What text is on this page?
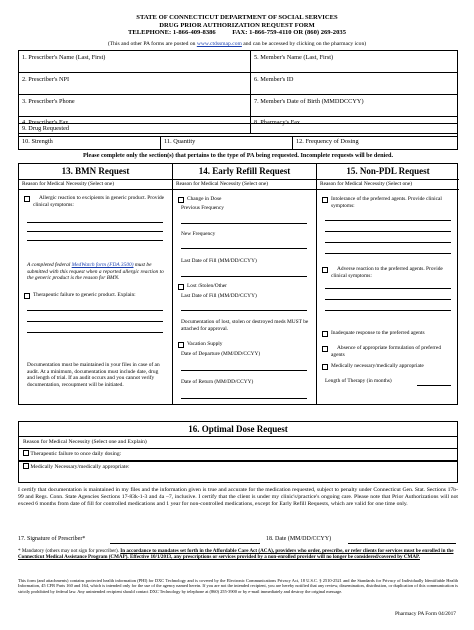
STATE OF CONNECTICUT DEPARTMENT OF SOCIAL SERVICES
DRUG PRIOR AUTHORIZATION REQUEST FORM
TELEPHONE: 1-866-409-8386          FAX: 1-866-759-4110 OR (860) 269-2035
(This and other PA forms are posted on www.ctdssmap.com and can be accessed by clicking on the pharmacy icon)
1. Prescriber's Name (Last, First)	5. Member's Name (Last, First)
2. Prescriber's NPI	6. Member's ID
3. Prescriber's Phone	7. Member's Date of Birth (MMDDCCYY)
4. Prescriber's Fax	8. Pharmacy's Fax
9. Drug Requested
10. Strength	11. Quantity	12. Frequency of Dosing
Please complete only the section(s) that pertains to the type of PA being requested. Incomplete requests will be denied.
13. BMN Request
Reason for Medical Necessity (Select one)
Allergic reaction to excipients in generic product. Provide clinical symptoms:
A completed federal MedWatch form (FDA 3500) must be submitted with this request when a reported allergic reaction to the generic product is the reason for BMN.
Therapeutic failure to generic product. Explain:
Documentation must be maintained in your files in case of an audit. At a minimum, documentation must include date, drug and length of trial. If an audit occurs and you cannot verify documentation, recoupment will be initiated.
14. Early Refill Request
Reason for Medical Necessity (Select one)
Change in Dose
Previous Frequency
New Frequency
Last Date of Fill (MM/DD/CCYY)
Lost /Stolen/Other
Last Date of Fill (MM/DD/CCYY)
Documentation of lost, stolen or destroyed meds MUST be attached for approval.
Vacation Supply
Date of Departure (MM/DD/CCYY)
Date of Return (MM/DD/CCYY)
15. Non-PDL Request
Reason for Medical Necessity (Select one)
Intolerance of the preferred agents. Provide clinical symptoms:
Adverse reaction to the preferred agents. Provide clinical symptoms:
Inadequate response to the preferred agents
Absence of appropriate formulation of preferred agents
Medically necessary/medically appropriate
Length of Therapy (in months)
16. Optimal Dose Request
Reason for Medical Necessity (Select one and Explain)
Therapeutic failure to once daily dosing:
Medically Necessary/medically appropriate:
I certify that documentation is maintained in my files and the information given is true and accurate for the medication requested, subject to penalty under Connecticut Gen. Stat. Sections 17b-99 and Regs. Conn. State Agencies Sections 17-83k-1-3 and 4a –7, inclusive. I certify that the client is under my clinic's/practice's ongoing care. Please note that Prior Authorizations will not exceed 6 months from date of fill for controlled medications and 1 year for non-controlled medications, except for Early Refill Requests, which are valid for one time only.
17. Signature of Prescriber*	18. Date (MM/DD/CCYY)
* Mandatory (others may not sign for prescriber). In accordance to mandates set forth in the Affordable Care Act (ACA), providers who order, prescribe, or refer clients for services must be enrolled in the Connecticut Medical Assistance Program (CMAP). Effective 10/1/2013, any prescriptions or services provided by a non-enrolled provider will no longer be considered/covered by CMAP.
This form (and attachments) contains protected health information (PHI) for DXC Technology and is covered by the Electronic Communications Privacy Act, 18 U.S.C. § 2510-2521 and the Standards for Privacy of Individually Identifiable Health Information, 45 CFR Parts 160 and 164, which is intended only for the use of the agency named herein. If you are not the intended recipient, you are hereby notified that any review, dissemination, distribution, or duplication of this communication is strictly prohibited by federal law. Any unintended recipient should contact DXC Technology by telephone at (860) 255-3900 or by e-mail immediately and destroy the original message.
Pharmacy PA Form 04/2017
